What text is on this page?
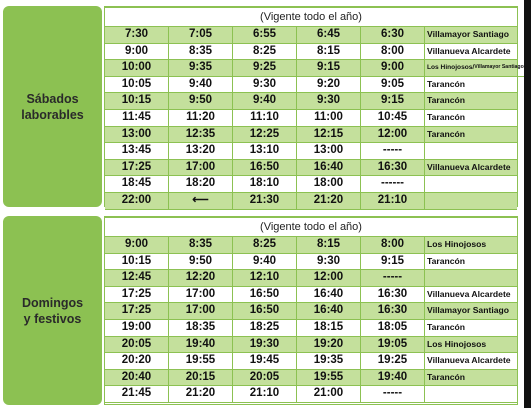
Sábados
laborables
(Vigente todo el año)
7:30	7:05	6:55	6:45	6:30	Villamayor Santiago
9:00	8:35	8:25	8:15	8:00	Villanueva Alcardete
10:00	9:35	9:25	9:15	9:00	Los Hinojosos/Villamayor Santiago
10:05	9:40	9:30	9:20	9:05	Tarancón
10:15	9:50	9:40	9:30	9:15	Tarancón
11:45	11:20	11:10	11:00	10:45	Tarancón
13:00	12:35	12:25	12:15	12:00	Tarancón
13:45	13:20	13:10	13:00	-----
17:25	17:00	16:50	16:40	16:30	Villanueva Alcardete
18:45	18:20	18:10	18:00	------
22:00	⟵	21:30	21:20	21:10
Domingos
y festivos
(Vigente todo el año)
9:00	8:35	8:25	8:15	8:00	Los Hinojosos
10:15	9:50	9:40	9:30	9:15	Tarancón
12:45	12:20	12:10	12:00	-----
17:25	17:00	16:50	16:40	16:30	Villanueva Alcardete
17:25	17:00	16:50	16:40	16:30	Villamayor Santiago
19:00	18:35	18:25	18:15	18:05	Tarancón
20:05	19:40	19:30	19:20	19:05	Los Hinojosos
20:20	19:55	19:45	19:35	19:25	Villanueva Alcardete
20:40	20:15	20:05	19:55	19:40	Tarancón
21:45	21:20	21:10	21:00	-----
